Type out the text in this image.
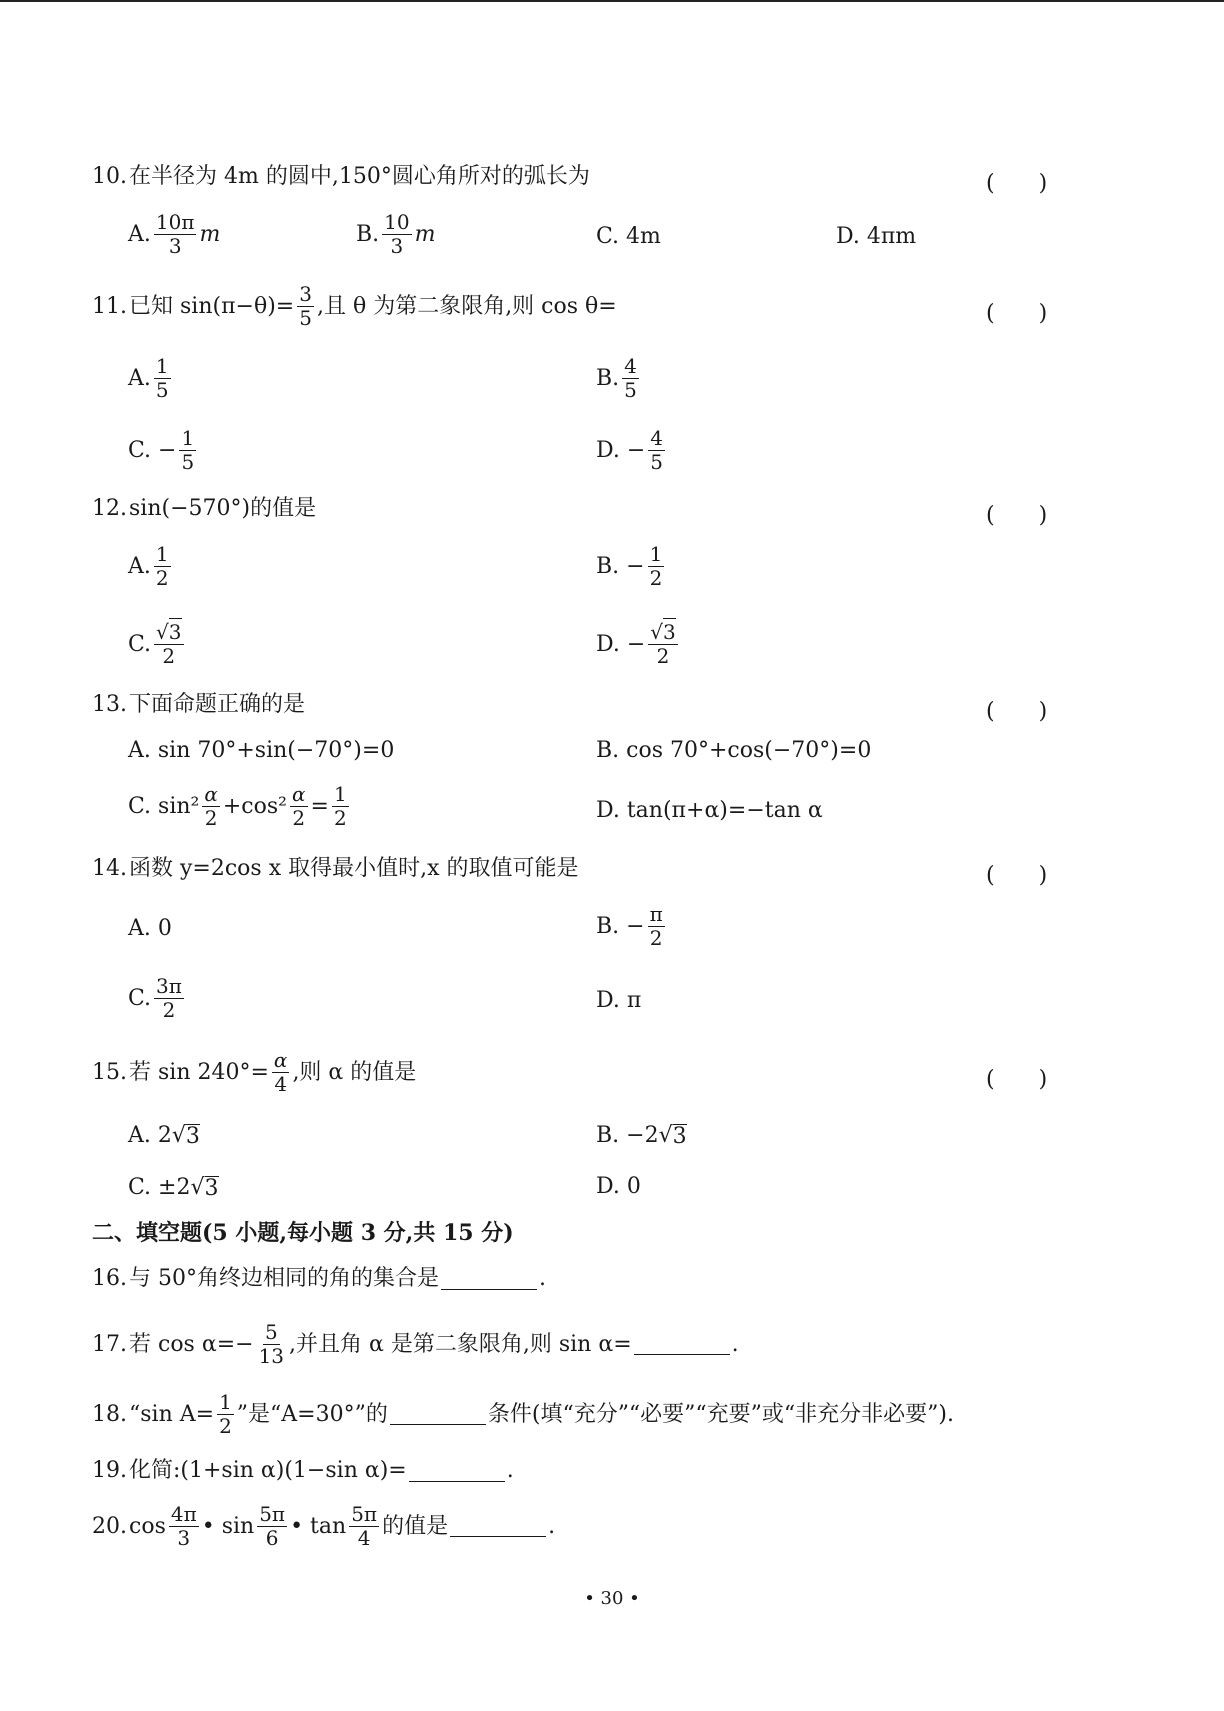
10. 在半径为 4m 的圆中,150°圆心角所对的弧长为	(　　)
A. $\frac{10\pi}{3}$ m	B. $\frac{10}{3}$ m	C. 4m	D. 4πm
11. 已知 $\sin(\pi-\theta)= \frac{3}{5}$ ,且 θ 为第二象限角,则 cos θ=	(　　)
A. $\frac{1}{5}$	B. $\frac{4}{5}$
C. − $\frac{1}{5}$	D. − $\frac{4}{5}$
12. sin(−570°)的值是	(　　)
A. $\frac{1}{2}$	B. − $\frac{1}{2}$
C. $\frac{√3}{2}$	D. − $\frac{√3}{2}$
13. 下面命题正确的是	(　　)
A. sin 70°+sin(−70°)=0	B. cos 70°+cos(−70°)=0
C. $\sin^2 \frac{\alpha}{2} +\cos^2 \frac{\alpha}{2} = \frac{1}{2}$	D. tan(π+α)=−tan α
14. 函数 y=2cos x 取得最小值时,x 的取值可能是	(　　)
A. 0	B. − $\frac{\pi}{2}$
C. $\frac{3\pi}{2}$	D. π
15. 若 $\sin 240^\circ= \frac{\alpha}{4}$ ,则 α 的值是	(　　)
A. 2 √ 3	B. −2 √ 3
C. ±2 √ 3	D. 0
二、填空题(5 小题,每小题 3 分,共 15 分)
16. 与 50°角终边相同的角的集合是	.
17. 若 $\cos \alpha=- \frac{5}{13}$ ,并且角 α 是第二象限角,则 sin α=	.
18. “sin $A= \frac{1}{2}$ ”是“A=30°”的	条件(填“充分”“必要”“充要”或“非充分非必要”).
19. 化简:(1+sin α)(1−sin α)=	.
20. $\cos \frac{4\pi}{3}$ • $\sin \frac{5\pi}{6}$ • $\tan \frac{5\pi}{4}$ 的值是	.
• 30 •
